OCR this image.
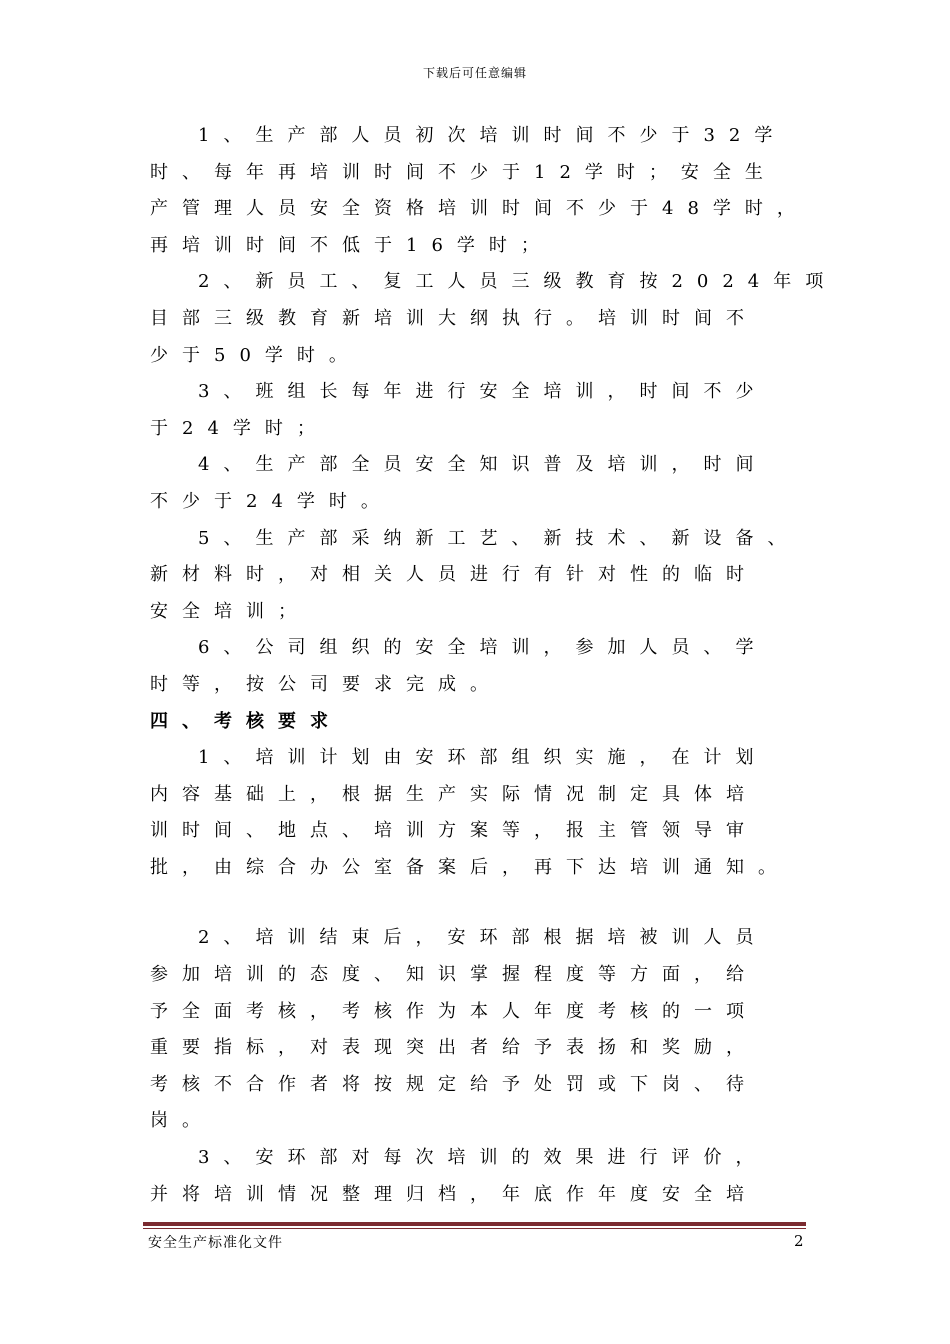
下载后可任意编辑
1、生产部人员初次培训时间不少于32学
时、每年再培训时间不少于12学时；安全生
产管理人员安全资格培训时间不少于48学时，
再培训时间不低于16学时；
2、新员工、复工人员三级教育按2024年项
目部三级教育新培训大纲执行。培训时间不
少于50学时。
3、班组长每年进行安全培训，时间不少
于24学时；
4、生产部全员安全知识普及培训，时间
不少于24学时。
5、生产部采纳新工艺、新技术、新设备、
新材料时，对相关人员进行有针对性的临时
安全培训；
6、公司组织的安全培训，参加人员、学
时等，按公司要求完成。
四、考核要求
1、培训计划由安环部组织实施，在计划
内容基础上，根据生产实际情况制定具体培
训时间、地点、培训方案等，报主管领导审
批，由综合办公室备案后，再下达培训通知。
2、培训结束后，安环部根据培被训人员
参加培训的态度、知识掌握程度等方面，给
予全面考核，考核作为本人年度考核的一项
重要指标，对表现突出者给予表扬和奖励，
考核不合作者将按规定给予处罚或下岗、待
岗。
3、安环部对每次培训的效果进行评价，
并将培训情况整理归档，年底作年度安全培
安全生产标准化文件	2
